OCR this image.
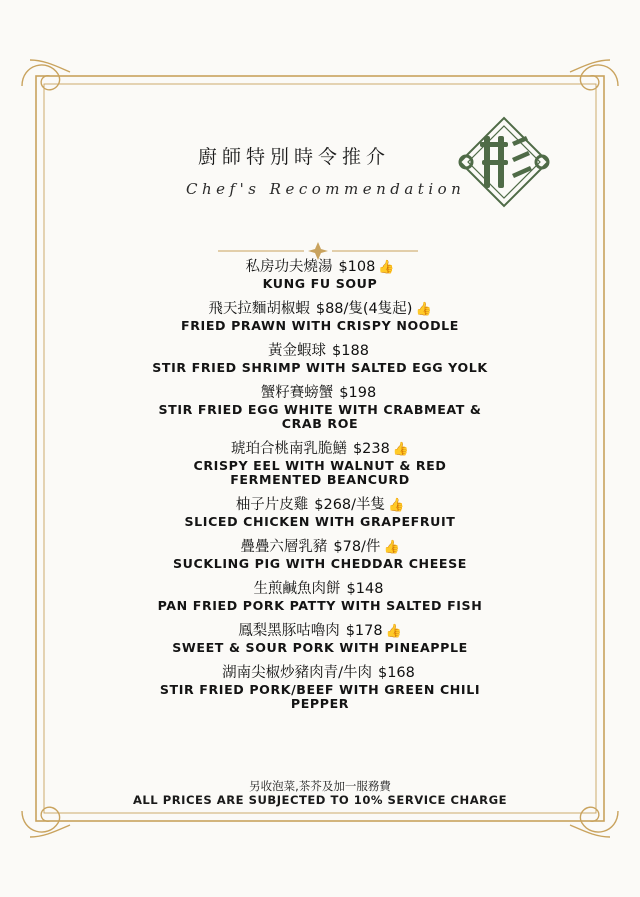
廚師特別時令推介
Chef's Recommendation
私房功夫燒湯 $108 👍
KUNG FU SOUP
飛天拉麵胡椒蝦 $88/隻(4隻起) 👍
FRIED PRAWN WITH CRISPY NOODLE
黃金蝦球 $188
STIR FRIED SHRIMP WITH SALTED EGG YOLK
蟹籽賽螃蟹 $198
STIR FRIED EGG WHITE WITH CRABMEAT & CRAB ROE
琥珀合桃南乳脆鱔 $238 👍
CRISPY EEL WITH WALNUT & RED FERMENTED BEANCURD
柚子片皮雞 $268/半隻 👍
SLICED CHICKEN WITH GRAPEFRUIT
疊疊六層乳豬 $78/件 👍
SUCKLING PIG WITH CHEDDAR CHEESE
生煎鹹魚肉餅 $148
PAN FRIED PORK PATTY WITH SALTED FISH
鳳梨黑豚咕嚕肉 $178 👍
SWEET & SOUR PORK WITH PINEAPPLE
湖南尖椒炒豬肉青/牛肉 $168
STIR FRIED PORK/BEEF WITH GREEN CHILI PEPPER
另收泡菜,茶芥及加一服務費
ALL PRICES ARE SUBJECTED TO 10% SERVICE CHARGE
